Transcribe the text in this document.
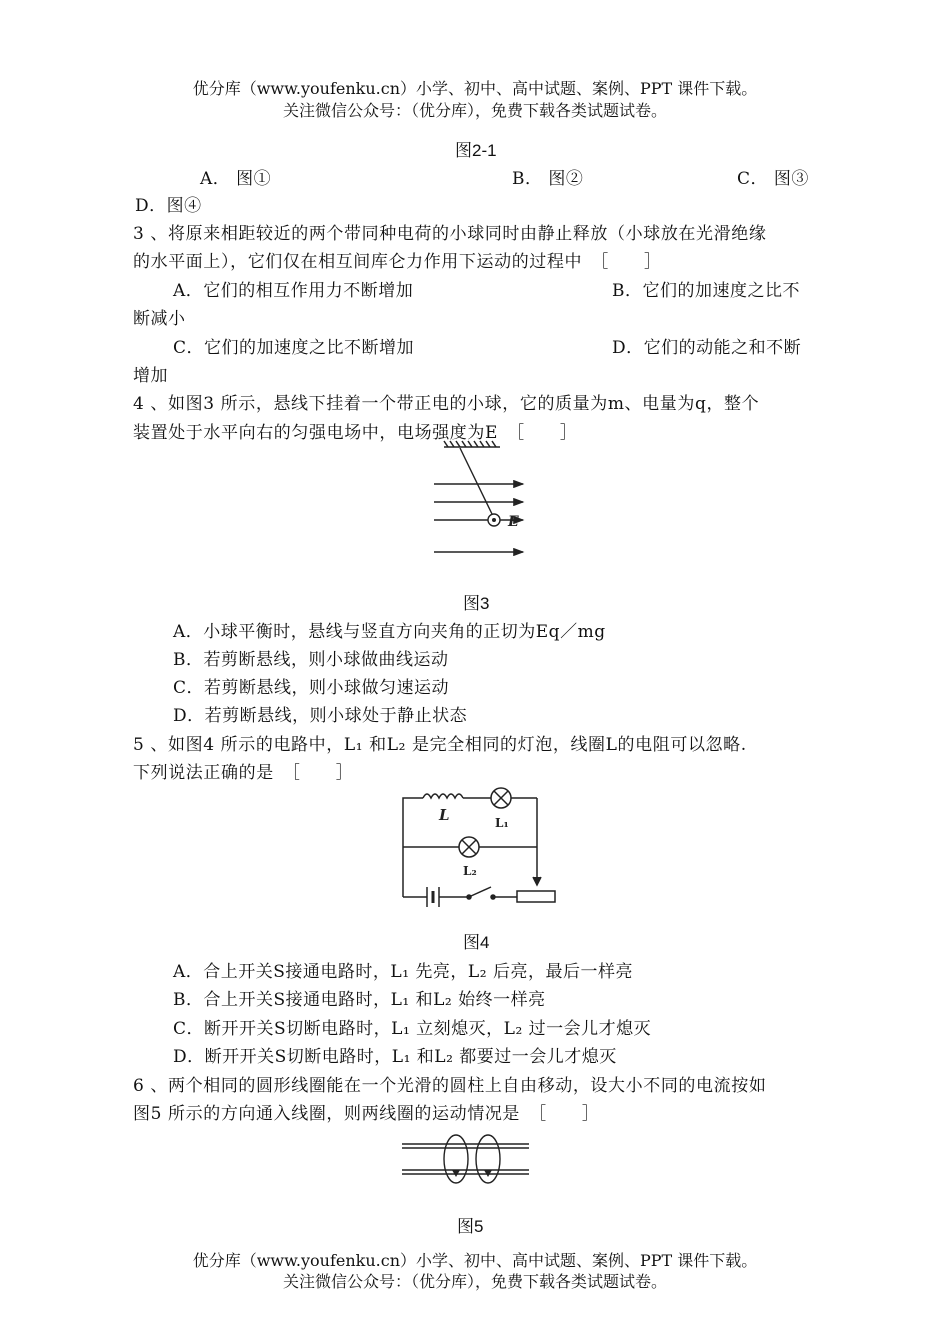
优分库（www.youfenku.cn）小学、初中、高中试题、案例、PPT 课件下载。
关注微信公众号：（优分库），免费下载各类试题试卷。
图2-1
A． 图①	B． 图②	C． 图③
D．图④
3 、将原来相距较近的两个带同种电荷的小球同时由静止释放（小球放在光滑绝缘
的水平面上），它们仅在相互间库仑力作用下运动的过程中　［　　］
A．它们的相互作用力不断增加	B．它们的加速度之比不
断减小
C．它们的加速度之比不断增加	D．它们的动能之和不断
增加
4 、如图3 所示，悬线下挂着一个带正电的小球，它的质量为m、电量为q，整个
装置处于水平向右的匀强电场中，电场强度为E　［　　］
E
图3
A．小球平衡时，悬线与竖直方向夹角的正切为Eq／mg
B．若剪断悬线，则小球做曲线运动
C．若剪断悬线，则小球做匀速运动
D．若剪断悬线，则小球处于静止状态
5 、如图4 所示的电路中，L₁ 和L₂ 是完全相同的灯泡，线圈L的电阻可以忽略.
下列说法正确的是　［　　］
L	L₁
L₂
图4
A．合上开关S接通电路时，L₁ 先亮，L₂ 后亮，最后一样亮
B．合上开关S接通电路时，L₁ 和L₂ 始终一样亮
C．断开开关S切断电路时，L₁ 立刻熄灭，L₂ 过一会儿才熄灭
D．断开开关S切断电路时，L₁ 和L₂ 都要过一会儿才熄灭
6 、两个相同的圆形线圈能在一个光滑的圆柱上自由移动，设大小不同的电流按如
图5 所示的方向通入线圈，则两线圈的运动情况是　［　　］
图5
优分库（www.youfenku.cn）小学、初中、高中试题、案例、PPT 课件下载。
关注微信公众号：（优分库），免费下载各类试题试卷。
